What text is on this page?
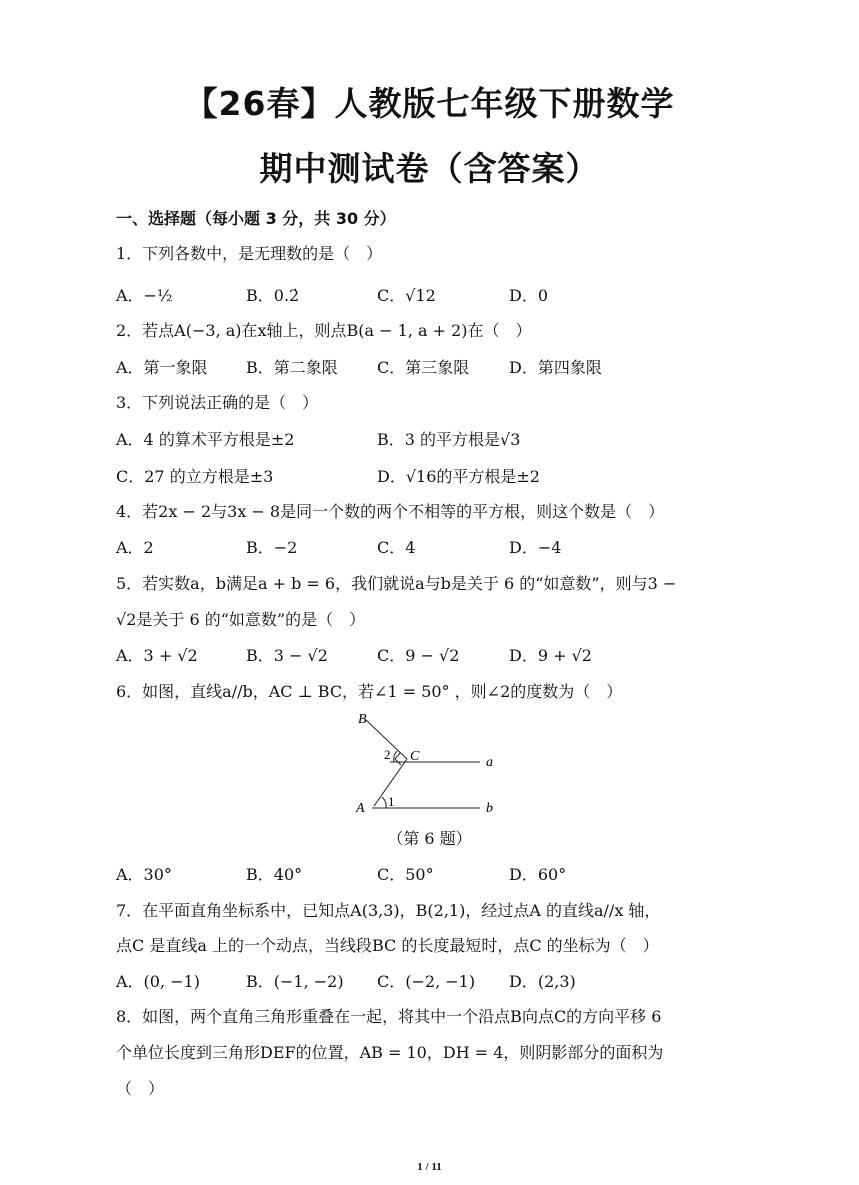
【26春】人教版七年级下册数学
期中测试卷（含答案）
一、选择题（每小题 3 分，共 30 分）
1．下列各数中，是无理数的是（　）
A．−½	B．0.2̇	C．√12	D．0
2．若点A(−3, a)在x轴上，则点B(a − 1, a + 2)在（　）
A．第一象限 B．第二象限 C．第三象限 D．第四象限
3．下列说法正确的是（　）
A．4 的算术平方根是±2	B．3 的平方根是√3
C．27 的立方根是±3	D．√16的平方根是±2
4．若2x − 2与3x − 8是同一个数的两个不相等的平方根，则这个数是（　）
A．2	B．−2	C．4	D．−4
5．若实数a，b满足a + b = 6，我们就说a与b是关于 6 的“如意数”，则与3 −
√2是关于 6 的“如意数”的是（　）
A．3 + √2	B．3 − √2	C．9 − √2	D．9 + √2
6．如图，直线a//b，AC ⊥ BC，若∠1 = 50° ，则∠2的度数为（　）
B
C
A
a
b
1
2
（第 6 题）
A．30°	B．40°	C．50°	D．60°
7．在平面直角坐标系中，已知点A(3,3)，B(2,1)，经过点A 的直线a//x 轴，
点C 是直线a 上的一个动点，当线段BC 的长度最短时，点C 的坐标为（　）
A．(0, −1)	B．(−1, −2) C．(−2, −1) D．(2,3)
8．如图，两个直角三角形重叠在一起，将其中一个沿点B向点C的方向平移 6
个单位长度到三角形DEF的位置，AB = 10，DH = 4，则阴影部分的面积为
（　）
1 / 11
